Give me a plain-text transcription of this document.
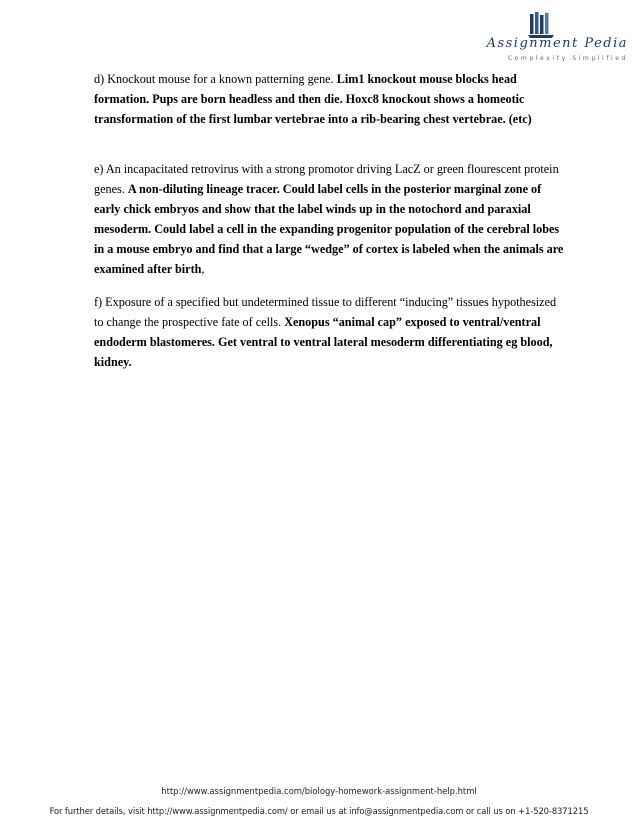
Assignment Pedia
Complexity Simplified

d) Knockout mouse for a known patterning gene. Lim1 knockout mouse blocks head formation. Pups are born headless and then die. Hoxc8 knockout shows a homeotic transformation of the first lumbar vertebrae into a rib-bearing chest vertebrae. (etc)

e) An incapacitated retrovirus with a strong promotor driving LacZ or green flourescent protein genes. A non-diluting lineage tracer. Could label cells in the posterior marginal zone of early chick embryos and show that the label winds up in the notochord and paraxial mesoderm. Could label a cell in the expanding progenitor population of the cerebral lobes in a mouse embryo and find that a large “wedge” of cortex is labeled when the animals are examined after birth,

f) Exposure of a specified but undetermined tissue to different “inducing” tissues hypothesized to change the prospective fate of cells. Xenopus “animal cap” exposed to ventral/ventral endoderm blastomeres. Get ventral to ventral lateral mesoderm differentiating eg blood, kidney.

http://www.assignmentpedia.com/biology-homework-assignment-help.html
For further details, visit http://www.assignmentpedia.com/ or email us at info@assignmentpedia.com or call us on +1-520-8371215
